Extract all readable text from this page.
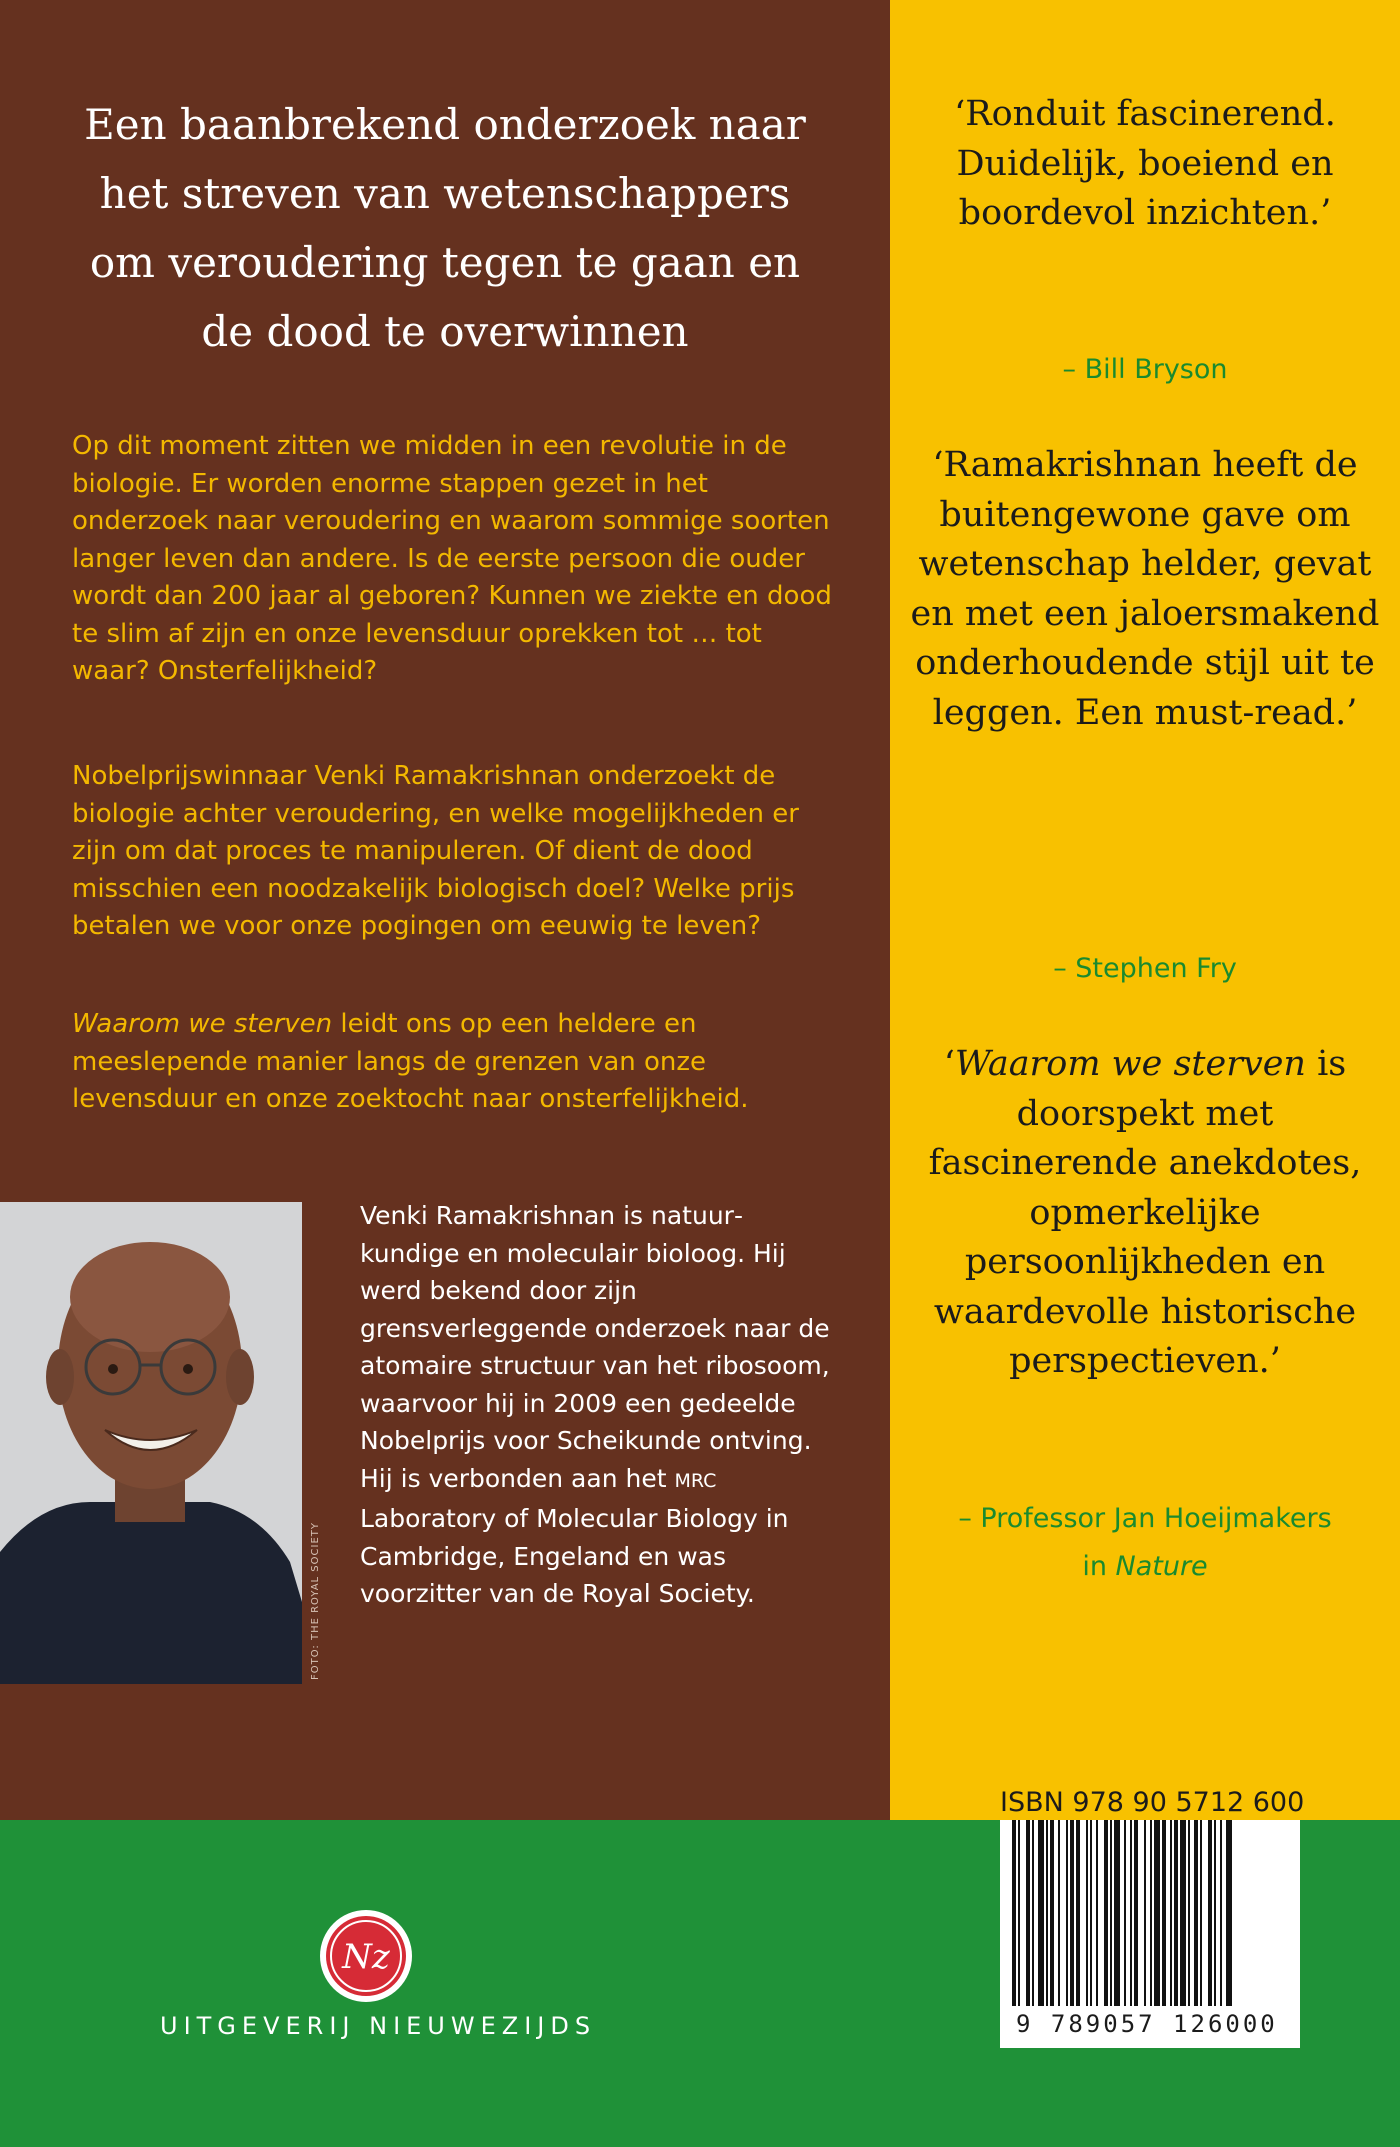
Een baanbrekend onderzoek naar het streven van wetenschappers om veroudering tegen te gaan en de dood te overwinnen

Op dit moment zitten we midden in een revolutie in de biologie. Er worden enorme stappen gezet in het onderzoek naar veroudering en waarom sommige soorten langer leven dan andere. Is de eerste persoon die ouder wordt dan 200 jaar al geboren? Kunnen we ziekte en dood te slim af zijn en onze levensduur oprekken tot … tot waar? Onsterfelijkheid?

Nobelprijswinnaar Venki Ramakrishnan onderzoekt de biologie achter veroudering, en welke mogelijkheden er zijn om dat proces te manipuleren. Of dient de dood misschien een noodzakelijk biologisch doel? Welke prijs betalen we voor onze pogingen om eeuwig te leven?

Waarom we sterven leidt ons op een heldere en meeslepende manier langs de grenzen van onze levensduur en onze zoektocht naar onsterfelijkheid.

FOTO: THE ROYAL SOCIETY

Venki Ramakrishnan is natuurkundige en moleculair bioloog. Hij werd bekend door zijn grensverleggende onderzoek naar de atomaire structuur van het ribosoom, waarvoor hij in 2009 een gedeelde Nobelprijs voor Scheikunde ontving. Hij is verbonden aan het MRC Laboratory of Molecular Biology in Cambridge, Engeland en was voorzitter van de Royal Society.

‘Ronduit fascinerend. Duidelijk, boeiend en boordevol inzichten.’

– Bill Bryson

‘Ramakrishnan heeft de buitengewone gave om wetenschap helder, gevat en met een jaloersmakend onderhoudende stijl uit te leggen. Een must-read.’

– Stephen Fry

‘Waarom we sterven is doorspekt met fascinerende anekdotes, opmerkelijke persoonlijkheden en waardevolle historische perspectieven.’

– Professor Jan Hoeijmakers
in Nature

ISBN 978 90 5712 600

9 789057 126000

Nz

UITGEVERIJ NIEUWEZIJDS
